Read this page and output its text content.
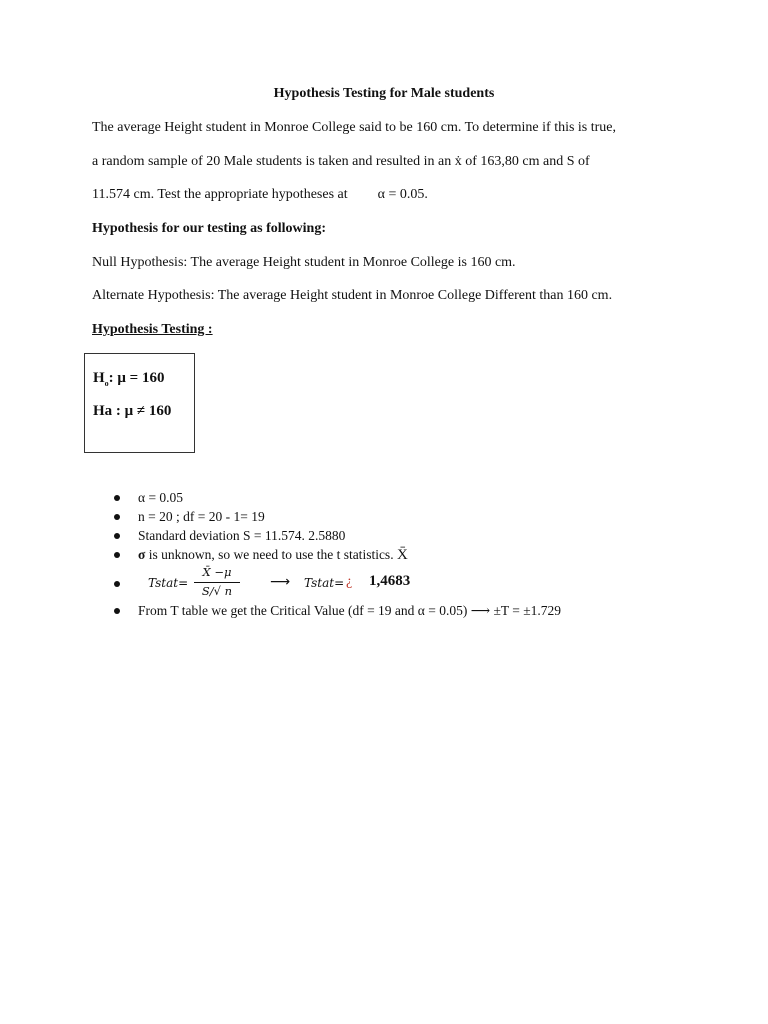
Hypothesis Testing for Male students
The average Height student in Monroe College said to be 160 cm. To determine if this is true,
a random sample of 20 Male students is taken and resulted in an ẋ of 163,80 cm and S of
11.574 cm. Test the appropriate hypotheses at α = 0.05.
Hypothesis for our testing as following:
Null Hypothesis: The average Height student in Monroe College is 160 cm.
Alternate Hypothesis: The average Height student in Monroe College Different than 160 cm.
Hypothesis Testing :
$H_o$: μ = 160
Ha : μ ≠ 160
α = 0.05
n = 20 ; df = 20 - 1= 19
Standard deviation S = 11.574. 2.5880
σ is unknown, so we need to use the t statistics. X̄
Tstat=
X̄ −μ
S/√ n
⟶ Tstat= ¿ 1,4683
From T table we get the Critical Value (df = 19 and α = 0.05) ⟶ ±T = ±1.729
